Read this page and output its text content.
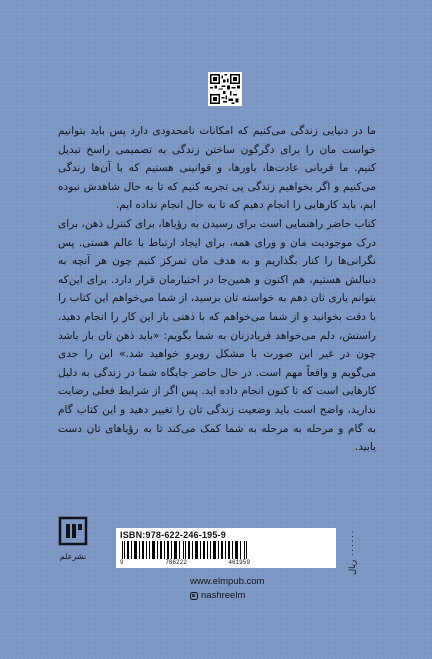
ما در دنیایی زندگی می‌کنیم که امکانات نامحدودی دارد پس باید بتوانیم خواست مان را برای دگرگون ساختن زندگی به تصمیمی راسخ تبدیل کنیم. ما قربانی عادت‌ها، باورها، و قوانینی هستیم که با آن‌ها زندگی می‌کنیم و اگر بخواهیم زندگی پی تجربه کنیم که تا به حال شاهدش نبوده ایم، باید کارهایی را انجام دهیم که تا به حال انجام نداده ایم.

کتاب حاضر راهنمایی است برای رسیدن به رؤیاها، برای کنترل ذهن، برای درک موجودیت مان و ورای همه، برای ایجاد ارتباط با عالم هستی. پس نگرانی‌ها را کنار بگذاریم و به هدف مان تمرکز کنیم چون هر آنچه به دنبالش هستیم، هم اکنون و همین‌جا در اختیارمان قرار دارد. برای این‌که بتوانم یاری تان دهم به خواسته تان برسید، از شما می‌خواهم این کتاب را با دقت بخوانید و از شما می‌خواهم که با ذهنی باز این کار را انجام دهید. راستش، دلم می‌خواهد فریادزنان به شما بگویم: «باید ذهن تان باز باشد چون در غیر این صورت با مشکل روبرو خواهید شد.» این را جدی می‌گویم و واقعاً مهم است. در حال حاضر جایگاه شما در زندگی به دلیل کارهایی است که تا کنون انجام داده اید. پس اگر از شرایط فعلی رضایت ندارید، واضح است باید وضعیت زندگی تان را تغییر دهید و این کتاب گام به گام و مرحله به مرحله به شما کمک می‌کند تا به رؤیاهای تان دست یابید.

نشرعلم
ISBN:978-622-246-195-9
9	786222	461959	۰۰۰۰۰۰ ریال
www.elmpub.com
nashreelm
